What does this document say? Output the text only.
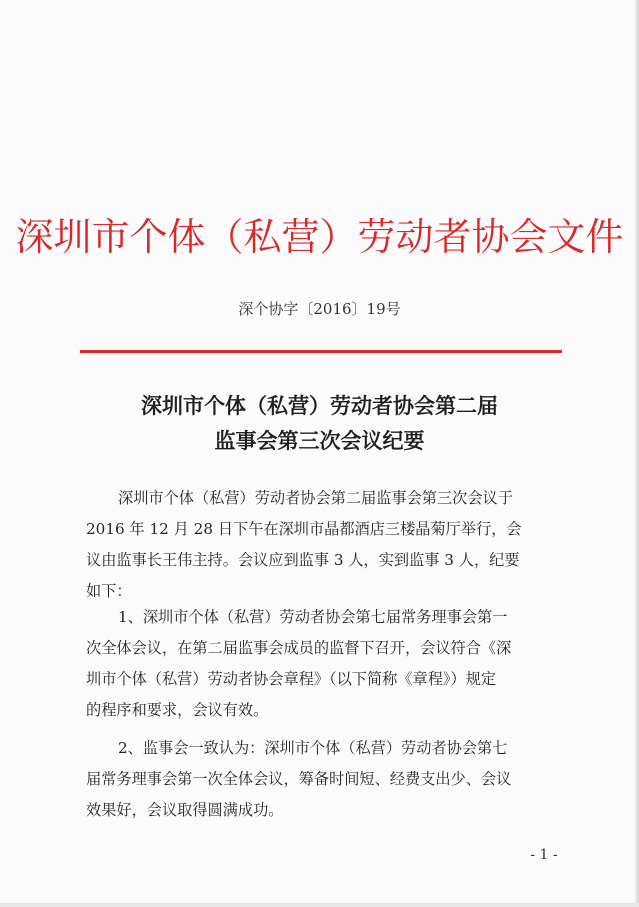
深圳市个体（私营）劳动者协会文件
深个协字〔2016〕19号
深圳市个体（私营）劳动者协会第二届
监事会第三次会议纪要
深圳市个体（私营）劳动者协会第二届监事会第三次会议于
2016 年 12 月 28 日下午在深圳市晶都酒店三楼晶菊厅举行，会
议由监事长王伟主持。会议应到监事 3 人，实到监事 3 人，纪要
如下：
1、深圳市个体（私营）劳动者协会第七届常务理事会第一
次全体会议，在第二届监事会成员的监督下召开，会议符合《深
圳市个体（私营）劳动者协会章程》（以下简称《章程》）规定
的程序和要求，会议有效。
2、监事会一致认为：深圳市个体（私营）劳动者协会第七
届常务理事会第一次全体会议，筹备时间短、经费支出少、会议
效果好，会议取得圆满成功。
- 1 -
